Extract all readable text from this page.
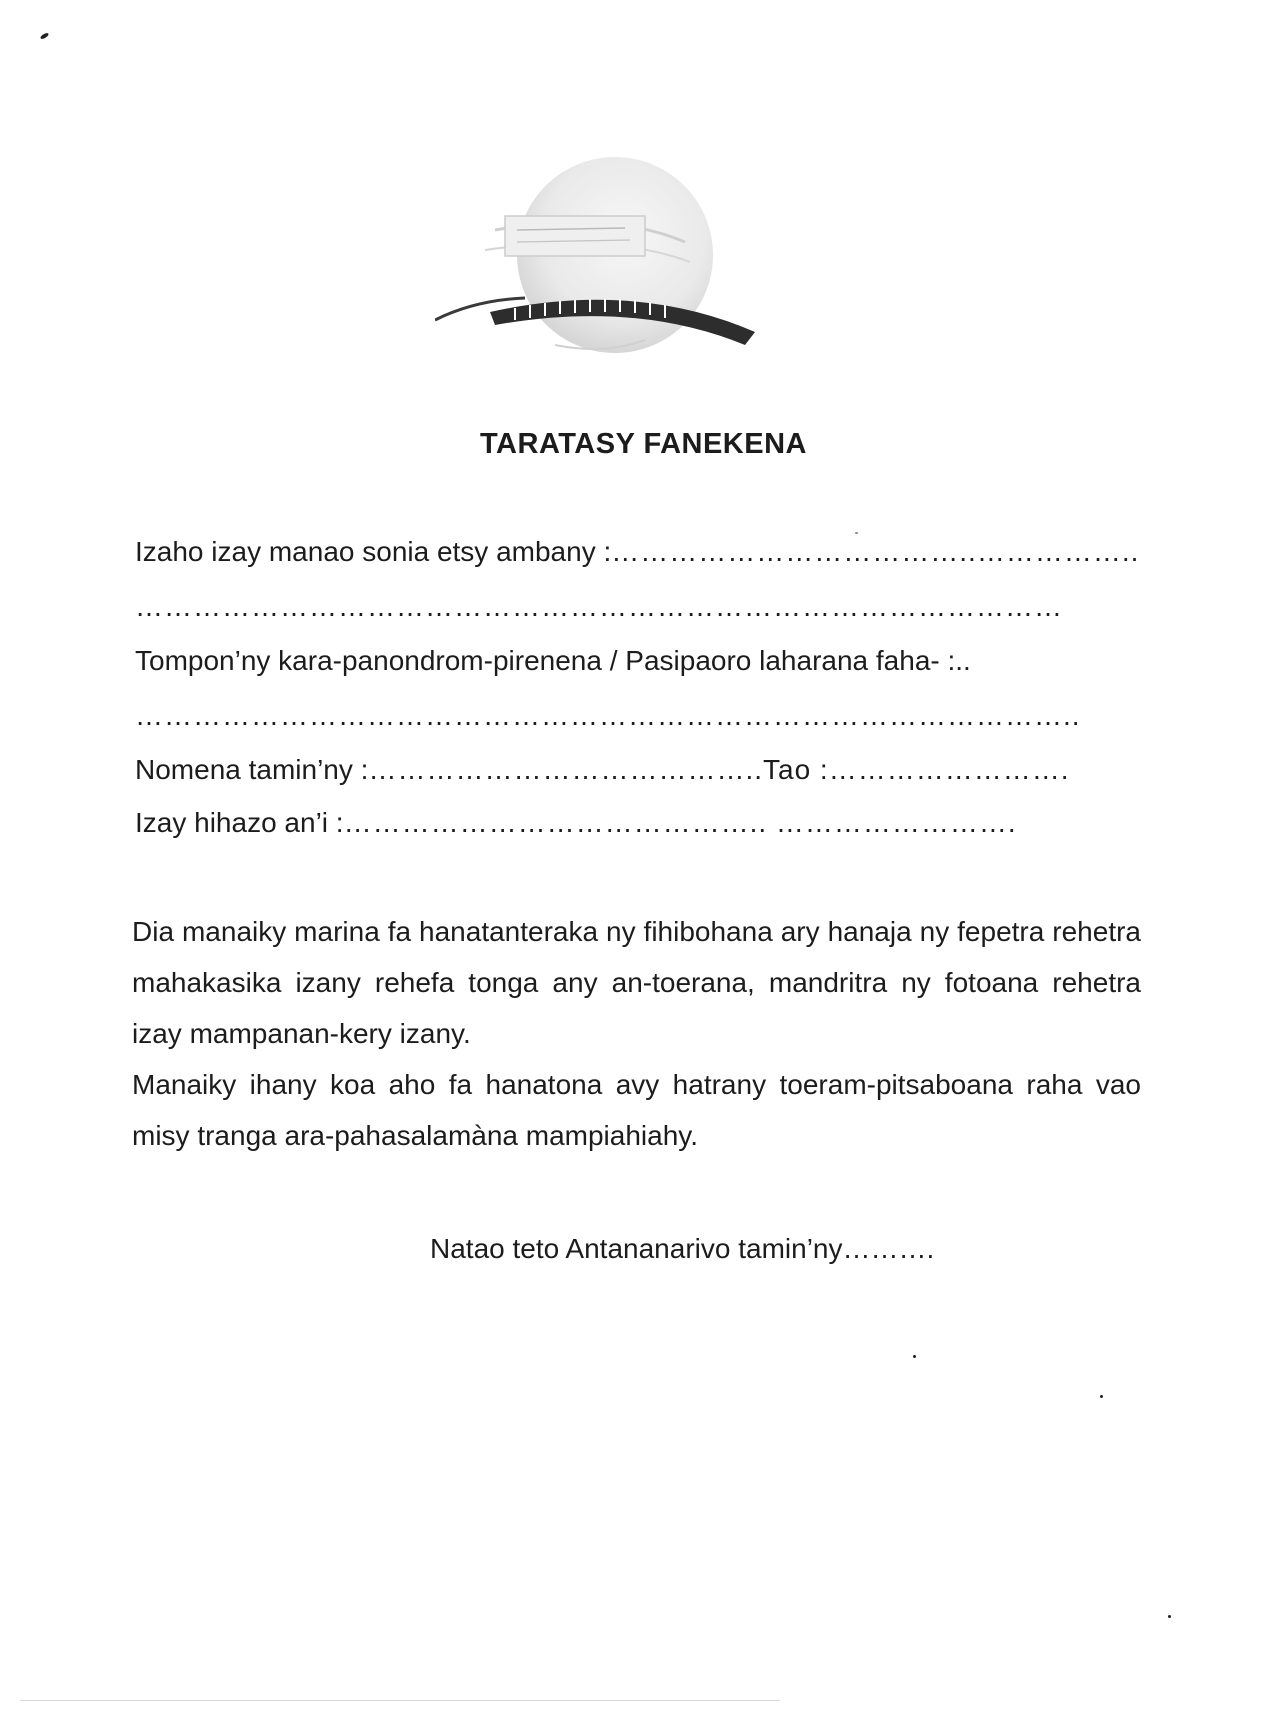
TARATASY FANEKENA
Izaho izay manao sonia etsy ambany :………………………………..……………..
……………………………………………………………………………………
Tompon’ny kara-panondrom-pirenena / Pasipaoro laharana faha- :..
……………………………………………………………………………………..
Nomena tamin’ny :…………………………………..Tao :…………………….
Izay hihazo an’i :…………………………………….. …………………….

Dia manaiky marina fa hanatanteraka ny fihibohana ary hanaja ny fepetra rehetra mahakasika izany rehefa tonga any an-toerana, mandritra ny fotoana rehetra izay mampanan-kery izany.

Manaiky ihany koa aho fa hanatona avy hatrany toeram-pitsaboana raha vao misy tranga ara-pahasalamàna mampiahiahy.

Natao teto Antananarivo tamin’ny……….
